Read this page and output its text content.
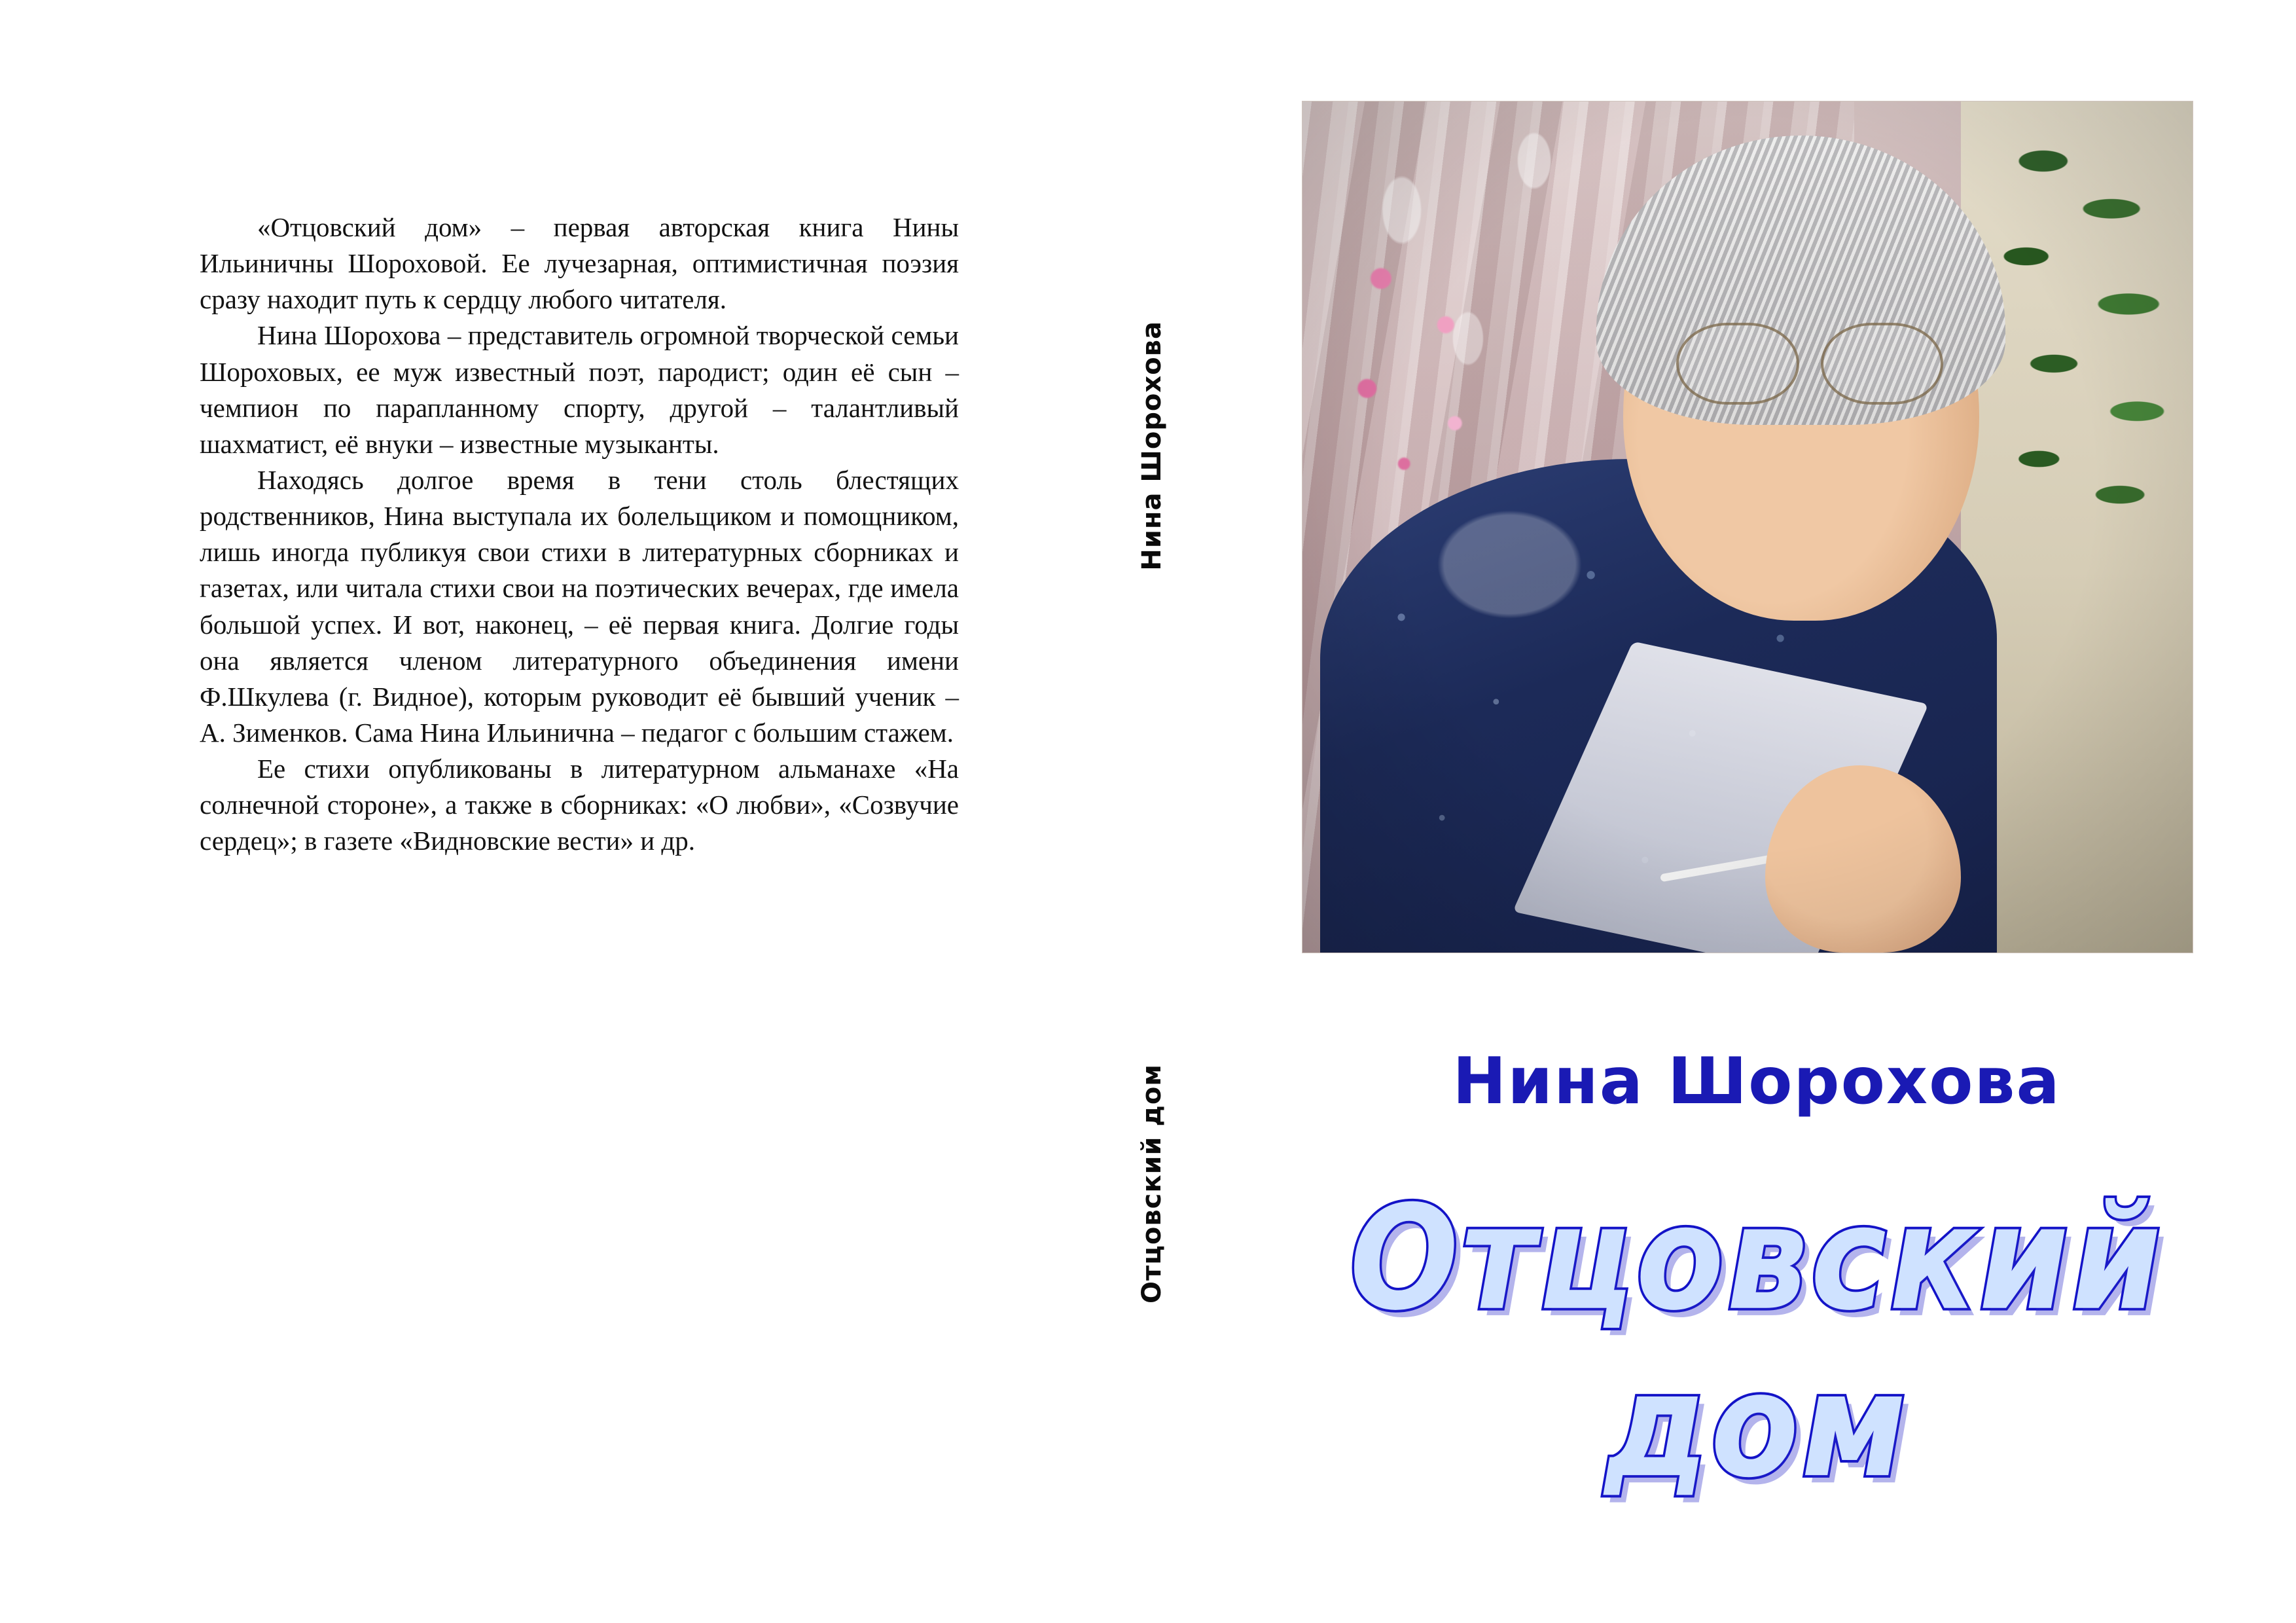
«Отцовский дом» – первая авторская книга Нины Ильиничны Шороховой. Ее лучезарная, оптимистичная поэзия сразу находит путь к сердцу любого читателя.

Нина Шорохова – представитель огромной творческой семьи Шороховых, ее муж известный поэт, пародист; один её сын – чемпион по парапланному спорту, другой – талантливый шахматист, её внуки – известные музыканты.

Находясь долгое время в тени столь блестящих родственников, Нина выступала их болельщиком и помощником, лишь иногда публикуя свои стихи в литературных сборниках и газетах, или читала стихи свои на поэтических вечерах, где имела большой успех. И вот, наконец, – её первая книга. Долгие годы она является членом литературного объединения имени Ф.Шкулева (г. Видное), которым руководит её бывший ученик – А. Зименков. Сама Нина Ильинична – педагог с большим стажем.

Ее стихи опубликованы в литературном альманахе «На солнечной стороне», а также в сборниках: «О любви», «Созвучие сердец»; в газете «Видновские вести» и др.

Нина Шорохова
Отцовский дом	Нина Шорохова
Отцовский дом
